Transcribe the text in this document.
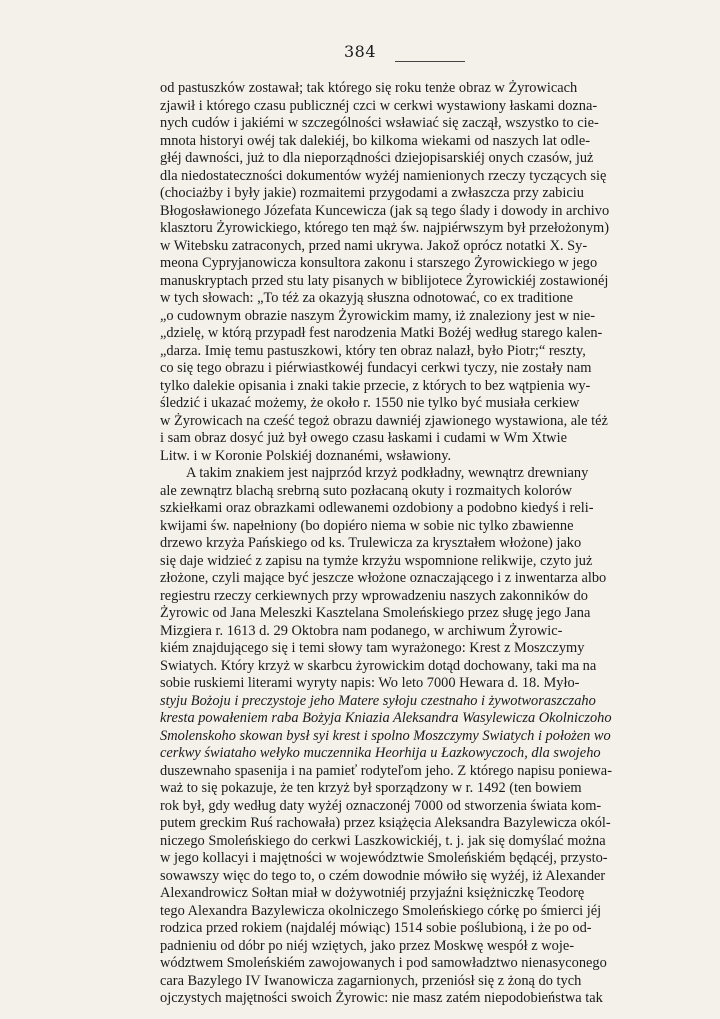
384
od pastuszków zostawał; tak którego się roku tenże obraz w Żyrowicach
zjawił i którego czasu publicznéj czci w cerkwi wystawiony łaskami dozna-
nych cudów i jakiémi w szczególności wsławiać się zaczął, wszystko to cie-
mnota historyi owéj tak dalekiéj, bo kilkoma wiekami od naszych lat odle-
głéj dawności, już to dla nieporządności dziejopisarskiéj onych czasów, już
dla niedostateczności dokumentów wyżéj namienionych rzeczy tyczących się
(chociażby i były jakie) rozmaitemi przygodami a zwłaszcza przy zabiciu
Błogosławionego Józefata Kuncewicza (jak są tego ślady i dowody in archivo
klasztoru Żyrowickiego, którego ten mąż św. najpiérwszym był przełożonym)
w Witebsku zatraconych, przed nami ukrywa. Jakož oprócz notatki X. Sy-
meona Cypryjanowicza konsultora zakonu i starszego Żyrowickiego w jego
manuskryptach przed stu laty pisanych w biblijotece Żyrowickiéj zostawionéj
w tych słowach: „To téż za okazyją słuszna odnotować, co ex traditione
„o cudownym obrazie naszym Żyrowickim mamy, iż znaleziony jest w nie-
„dzielę, w którą przypadł fest narodzenia Matki Bożéj według starego kalen-
„darza. Imię temu pastuszkowi, który ten obraz nalazł, było Piotr;“ reszty,
co się tego obrazu i piérwiastkowéj fundacyi cerkwi tyczy, nie zostały nam
tylko dalekie opisania i znaki takie przecie, z których to bez wątpienia wy-
śledzić i ukazać możemy, że około r. 1550 nie tylko być musiała cerkiew
w Żyrowicach na cześć tegoż obrazu dawniéj zjawionego wystawiona, ale téż
i sam obraz dosyć już był owego czasu łaskami i cudami w Wm Xtwie
Litw. i w Koronie Polskiéj doznanémi, wsławiony.
A takim znakiem jest najprzód krzyż podkładny, wewnątrz drewniany
ale zewnątrz blachą srebrną suto pozłacaną okuty i rozmaitych kolorów
szkiełkami oraz obrazkami odlewanemi ozdobiony a podobno kiedyś i reli-
kwijami św. napełniony (bo dopiéro niema w sobie nic tylko zbawienne
drzewo krzyża Pańskiego od ks. Trulewicza za kryształem włożone) jako
się daje widzieć z zapisu na tymże krzyżu wspomnione relikwije, czyto już
złożone, czyli mające być jeszcze włożone oznaczającego i z inwentarza albo
regiestru rzeczy cerkiewnych przy wprowadzeniu naszych zakonników do
Żyrowic od Jana Meleszki Kasztelana Smoleńskiego przez sługę jego Jana
Mizgiera r. 1613 d. 29 Oktobra nam podanego, w archiwum Żyrowic-
kiém znajdującego się i temi słowy tam wyrażonego: Krest z Moszczymy
Swiatych. Który krzyż w skarbcu żyrowickim dotąd dochowany, taki ma na
sobie ruskiemi literami wyryty napis: Wo leto 7000 Hewara d. 18. Myło-
styju Bożoju i preczystoje jeho Matere syłoju czestnaho i żywotworaszczaho
kresta powałeniem raba Bożyja Kniazia Aleksandra Wasylewicza Okolniczoho
Smolenskoho skowan bysł syi krest i spolno Moszczymy Swiatych i położen wo
cerkwy świataho wełyko muczennika Heorhija u Łazkowyczoch, dla swojeho
duszewnaho spasenija i na pamieť rodyteľom jeho. Z którego napisu poniewa-
waż to się pokazuje, że ten krzyż był sporządzony w r. 1492 (ten bowiem
rok był, gdy według daty wyżéj oznaczonéj 7000 od stworzenia świata kom-
putem greckim Ruś rachowała) przez książęcia Aleksandra Bazylewicza okól-
niczego Smoleńskiego do cerkwi Laszkowickiéj, t. j. jak się domyślać można
w jego kollacyi i majętności w województwie Smoleńskiém będącéj, przysto-
sowawszy więc do tego to, o czém dowodnie mówiło się wyżéj, iż Alexander
Alexandrowicz Sołtan miał w dożywotniéj przyjaźni księżniczkę Teodorę
tego Alexandra Bazylewicza okolniczego Smoleńskiego córkę po śmierci jéj
rodzica przed rokiem (najdaléj mówiąc) 1514 sobie poślubioną, i że po od-
padnieniu od dóbr po niéj wziętych, jako przez Moskwę wespół z woje-
wództwem Smoleńskiém zawojowanych i pod samowładztwo nienasyconego
cara Bazylego IV Iwanowicza zagarnionych, przeniósł się z żoną do tych
ojczystych majętności swoich Żyrowic: nie masz zatém niepodobieństwa tak
